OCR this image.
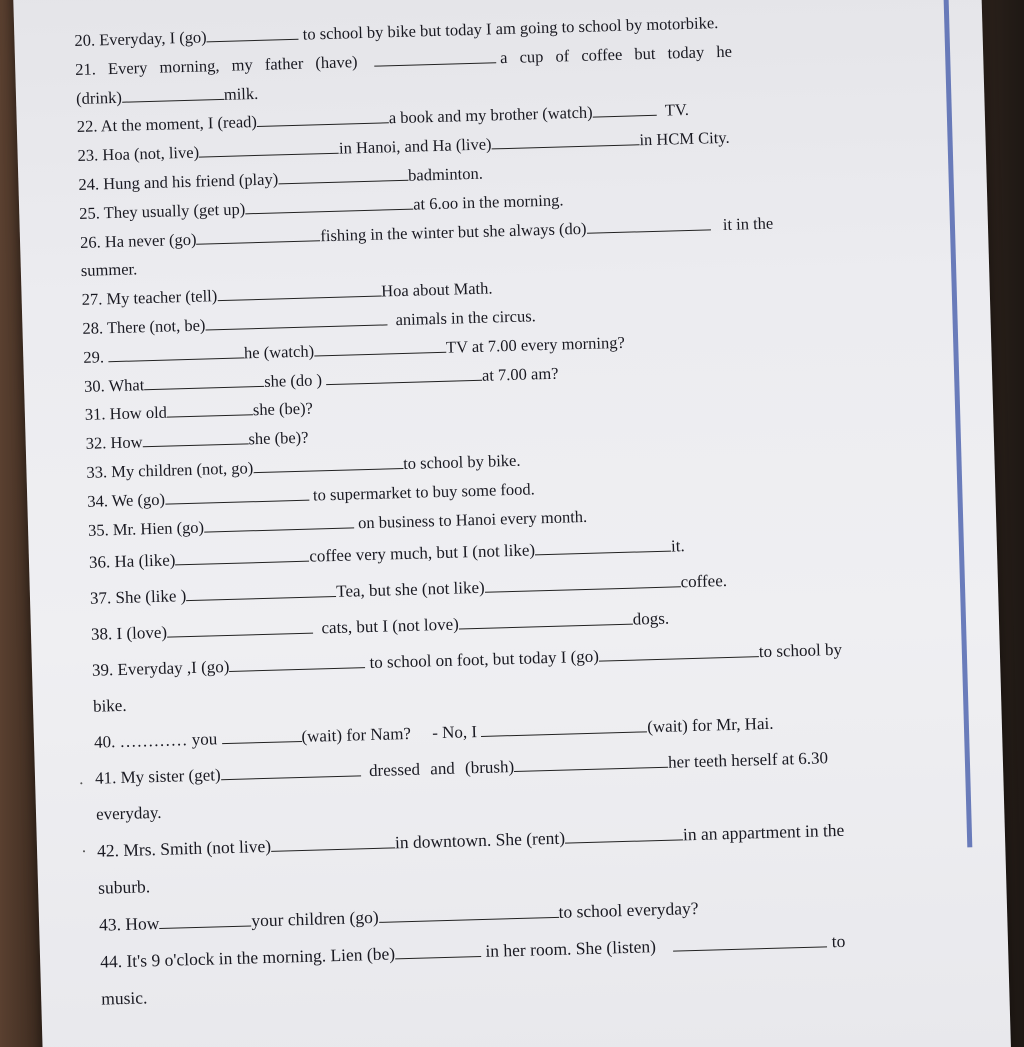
20. Everyday, I (go)	to school by bike but today I am going to school by motorbike.
21. Every morning, my father (have)	a cup of coffee but today he
(drink)	milk.
22. At the moment, I (read)	a book and my brother (watch)	TV.
23. Hoa (not, live)	in Hanoi, and Ha (live)	in HCM City.
24. Hung and his friend (play)	badminton.
25. They usually (get up)	at 6.oo in the morning.
26. Ha never (go)	fishing in the winter but she always (do)	it in the
summer.
27. My teacher (tell)	Hoa about Math.
28. There (not, be)	animals in the circus.
29.	he (watch)	TV at 7.00 every morning?
30. What	she (do )	at 7.00 am?
31. How old	she (be)?
32. How	she (be)?
33. My children (not, go)	to school by bike.
34. We (go)	to supermarket to buy some food.
35. Mr. Hien (go)	on business to Hanoi every month.
36. Ha (like)	coffee very much, but I (not like)	it.
37. She (like )	Tea, but she (not like)	coffee.
38. I (love)	cats, but I (not love)	dogs.
39. Everyday ,I (go)	to school on foot, but today I (go)	to school by
bike.
40. ………… you	(wait) for Nam?     - No, I	(wait) for Mr, Hai.
. 41. My sister (get)	dressed and (brush)	her teeth herself at 6.30
everyday.
· 42. Mrs. Smith (not live)	in downtown. She (rent)	in an appartment in the
suburb.
43. How	your children (go)	to school everyday?
44. It's 9 o'clock in the morning. Lien (be)	in her room. She (listen)	to
music.
